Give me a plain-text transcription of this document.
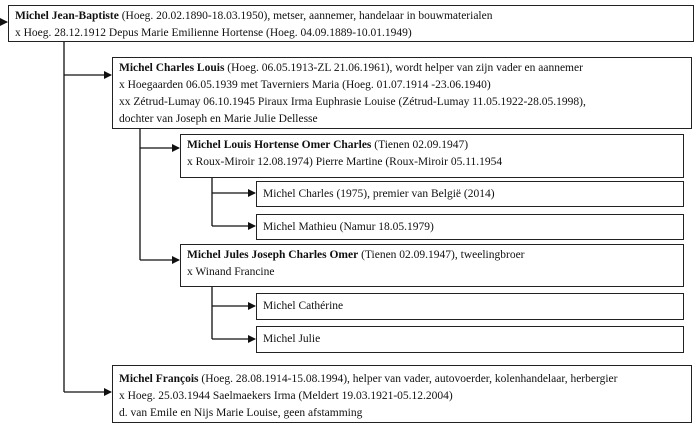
Michel Jean-Baptiste (Hoeg. 20.02.1890-18.03.1950), metser, aannemer, handelaar in bouwmaterialen
x Hoeg. 28.12.1912 Depus Marie Emilienne Hortense (Hoeg. 04.09.1889-10.01.1949)
Michel Charles Louis (Hoeg. 06.05.1913-ZL 21.06.1961), wordt helper van zijn vader en aannemer
x Hoegaarden 06.05.1939 met Taverniers Maria (Hoeg. 01.07.1914 -23.06.1940)
xx Zétrud-Lumay 06.10.1945 Piraux Irma Euphrasie Louise (Zétrud-Lumay 11.05.1922-28.05.1998),
dochter van Joseph en Marie Julie Dellesse
Michel Louis Hortense Omer Charles (Tienen 02.09.1947)
x Roux-Miroir 12.08.1974) Pierre Martine (Roux-Miroir 05.11.1954
Michel Charles (1975), premier van België (2014)
Michel Mathieu (Namur 18.05.1979)
Michel Jules Joseph Charles Omer (Tienen 02.09.1947), tweelingbroer
x Winand Francine
Michel Cathérine
Michel Julie
Michel François (Hoeg. 28.08.1914-15.08.1994), helper van vader, autovoerder, kolenhandelaar, herbergier
x Hoeg. 25.03.1944 Saelmaekers Irma (Meldert 19.03.1921-05.12.2004)
d. van Emile en Nijs Marie Louise, geen afstamming
